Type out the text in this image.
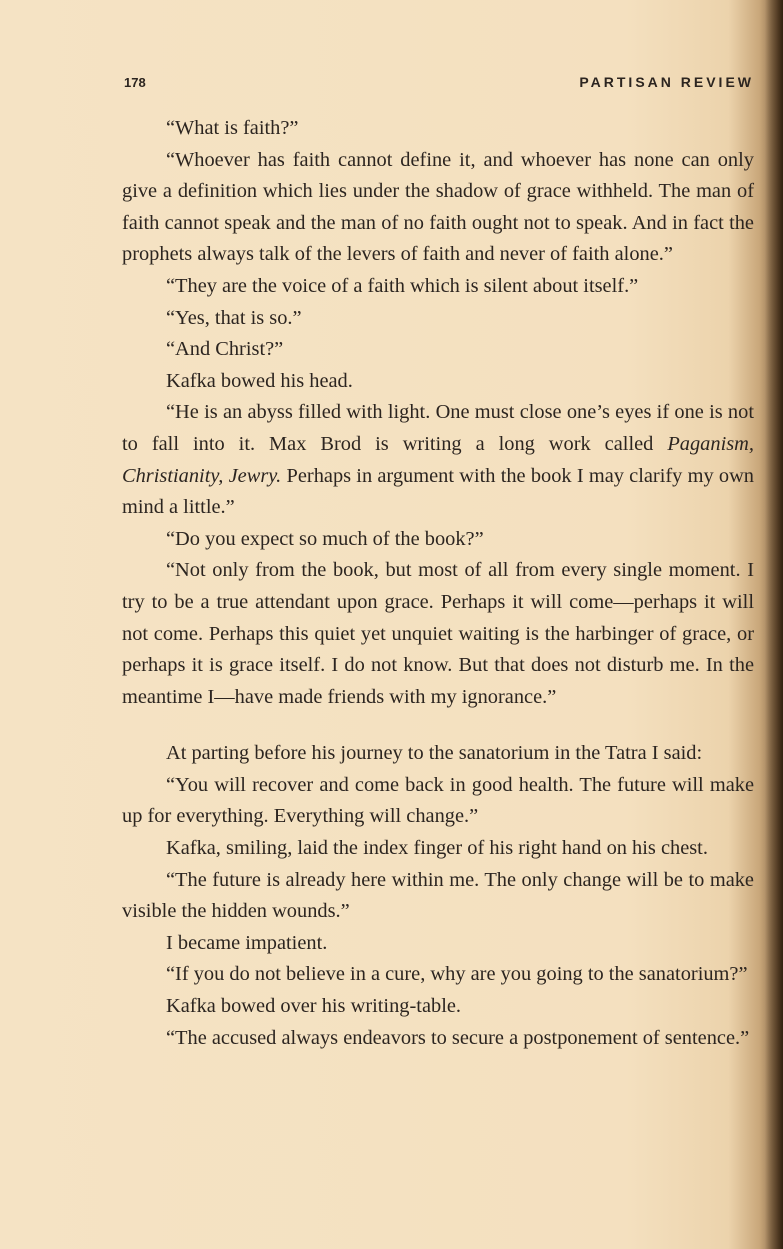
178	PARTISAN REVIEW

“What is faith?”

“Whoever has faith cannot define it, and whoever has none can only give a definition which lies under the shadow of grace withheld. The man of faith cannot speak and the man of no faith ought not to speak. And in fact the prophets always talk of the levers of faith and never of faith alone.”

“They are the voice of a faith which is silent about itself.”

“Yes, that is so.”

“And Christ?”

Kafka bowed his head.

“He is an abyss filled with light. One must close one’s eyes if one is not to fall into it. Max Brod is writing a long work called Paganism, Christianity, Jewry. Perhaps in argument with the book I may clarify my own mind a little.”

“Do you expect so much of the book?”

“Not only from the book, but most of all from every single moment. I try to be a true attendant upon grace. Perhaps it will come—perhaps it will not come. Perhaps this quiet yet unquiet waiting is the harbinger of grace, or perhaps it is grace itself. I do not know. But that does not disturb me. In the meantime I—have made friends with my ignorance.”

At parting before his journey to the sanatorium in the Tatra I said:

“You will recover and come back in good health. The future will make up for everything. Everything will change.”

Kafka, smiling, laid the index finger of his right hand on his chest.

“The future is already here within me. The only change will be to make visible the hidden wounds.”

I became impatient.

“If you do not believe in a cure, why are you going to the sanatorium?”

Kafka bowed over his writing-table.

“The accused always endeavors to secure a postponement of sentence.”
